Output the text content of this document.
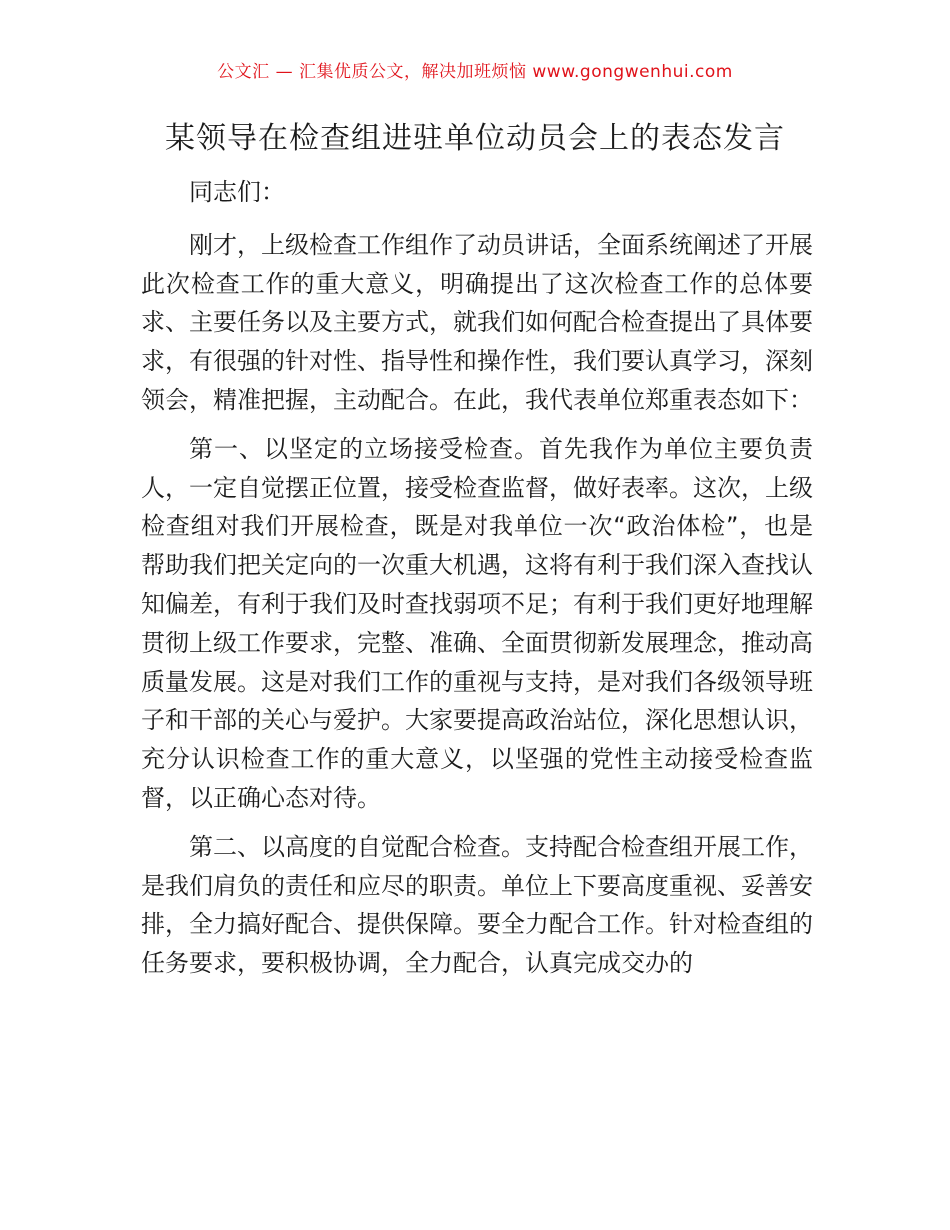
公文汇 — 汇集优质公文，解决加班烦恼 www.gongwenhui.com
某领导在检查组进驻单位动员会上的表态发言

同志们：

刚才，上级检查工作组作了动员讲话，全面系统阐述了开展此次检查工作的重大意义，明确提出了这次检查工作的总体要求、主要任务以及主要方式，就我们如何配合检查提出了具体要求，有很强的针对性、指导性和操作性，我们要认真学习，深刻领会，精准把握，主动配合。在此，我代表单位郑重表态如下：

第一、以坚定的立场接受检查。首先我作为单位主要负责人，一定自觉摆正位置，接受检查监督，做好表率。这次，上级检查组对我们开展检查，既是对我单位一次“政治体检”，也是帮助我们把关定向的一次重大机遇，这将有利于我们深入查找认知偏差，有利于我们及时查找弱项不足；有利于我们更好地理解贯彻上级工作要求，完整、准确、全面贯彻新发展理念，推动高质量发展。这是对我们工作的重视与支持，是对我们各级领导班子和干部的关心与爱护。大家要提高政治站位，深化思想认识，充分认识检查工作的重大意义，以坚强的党性主动接受检查监督，以正确心态对待。

第二、以高度的自觉配合检查。支持配合检查组开展工作，是我们肩负的责任和应尽的职责。单位上下要高度重视、妥善安排，全力搞好配合、提供保障。要全力配合工作。针对检查组的任务要求，要积极协调，全力配合，认真完成交办的
